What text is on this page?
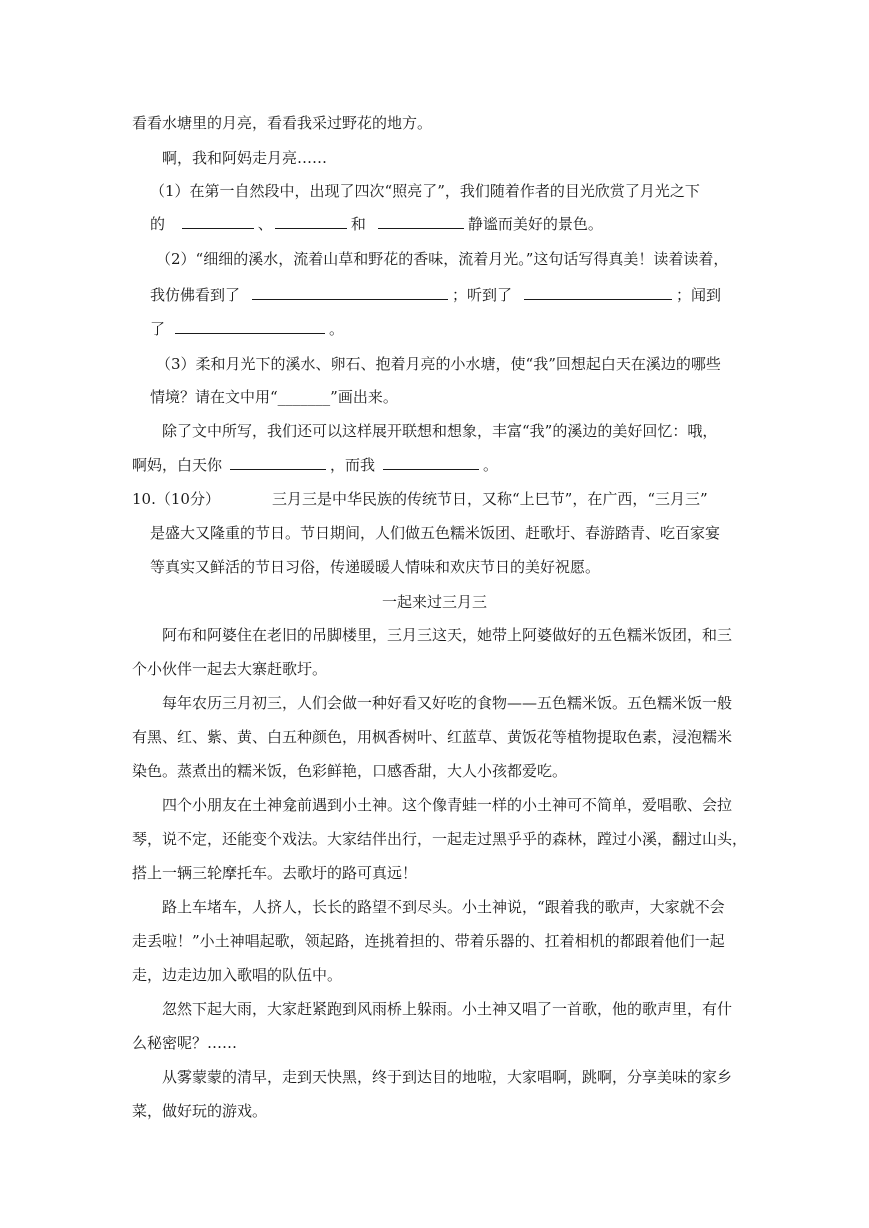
看看水塘里的月亮，看看我采过野花的地方。
啊，我和阿妈走月亮……
（1）在第一自然段中，出现了四次“照亮了”，我们随着作者的目光欣赏了月光之下
的	、	和	静谧而美好的景色。
（2）“细细的溪水，流着山草和野花的香味，流着月光。”这句话写得真美！读着读着，
我仿佛看到了	；听到了	；闻到
了	。
（3）柔和月光下的溪水、卵石、抱着月亮的小水塘，使“我”回想起白天在溪边的哪些
情境？请在文中用“_______”画出来。
除了文中所写，我们还可以这样展开联想和想象，丰富“我”的溪边的美好回忆：哦，
啊妈，白天你	，而我	。
10.（10分）	三月三是中华民族的传统节日，又称“上巳节”，在广西，“三月三”
是盛大又隆重的节日。节日期间，人们做五色糯米饭团、赶歌圩、春游踏青、吃百家宴
等真实又鲜活的节日习俗，传递暖暖人情味和欢庆节日的美好祝愿。
一起来过三月三
阿布和阿婆住在老旧的吊脚楼里，三月三这天，她带上阿婆做好的五色糯米饭团，和三
个小伙伴一起去大寨赶歌圩。
每年农历三月初三，人们会做一种好看又好吃的食物——五色糯米饭。五色糯米饭一般
有黑、红、紫、黄、白五种颜色，用枫香树叶、红蓝草、黄饭花等植物提取色素，浸泡糯米
染色。蒸煮出的糯米饭，色彩鲜艳，口感香甜，大人小孩都爱吃。
四个小朋友在土神龛前遇到小土神。这个像青蛙一样的小土神可不简单，爱唱歌、会拉
琴，说不定，还能变个戏法。大家结伴出行，一起走过黑乎乎的森林，蹚过小溪，翻过山头，
搭上一辆三轮摩托车。去歌圩的路可真远！
路上车堵车，人挤人，长长的路望不到尽头。小土神说，“跟着我的歌声，大家就不会
走丢啦！”小土神唱起歌，领起路，连挑着担的、带着乐器的、扛着相机的都跟着他们一起
走，边走边加入歌唱的队伍中。
忽然下起大雨，大家赶紧跑到风雨桥上躲雨。小土神又唱了一首歌，他的歌声里，有什
么秘密呢？……
从雾蒙蒙的清早，走到天快黑，终于到达目的地啦，大家唱啊，跳啊，分享美味的家乡
菜，做好玩的游戏。
